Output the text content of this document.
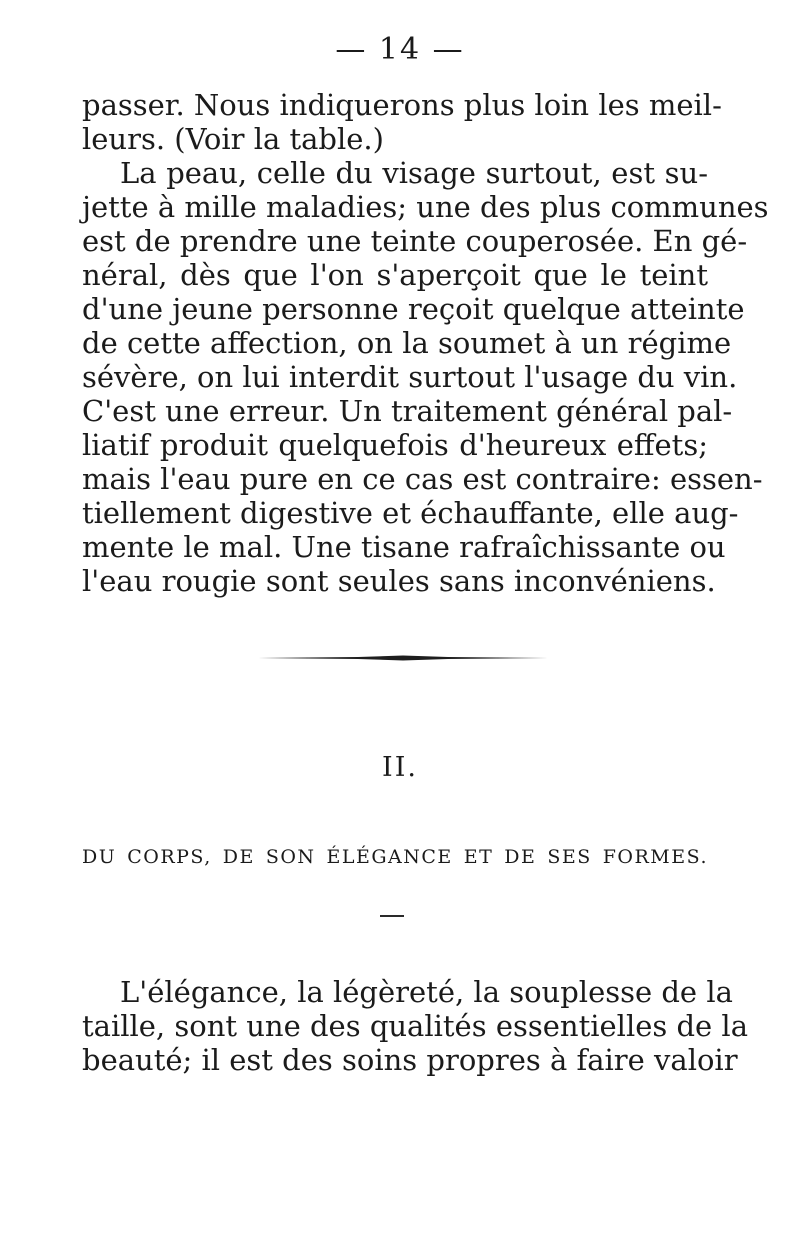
— 14 —
passer. Nous indiquerons plus loin les meil-
leurs. (Voir la table.)
La peau, celle du visage surtout, est su-
jette à mille maladies; une des plus communes
est de prendre une teinte couperosée. En gé-
néral, dès que l'on s'aperçoit que le teint
d'une jeune personne reçoit quelque atteinte
de cette affection, on la soumet à un régime
sévère, on lui interdit surtout l'usage du vin.
C'est une erreur. Un traitement général pal-
liatif produit quelquefois d'heureux effets;
mais l'eau pure en ce cas est contraire: essen-
tiellement digestive et échauffante, elle aug-
mente le mal. Une tisane rafraîchissante ou
l'eau rougie sont seules sans inconvéniens.
II.
DU CORPS, DE SON ÉLÉGANCE ET DE SES FORMES.
L'élégance, la légèreté, la souplesse de la
taille, sont une des qualités essentielles de la
beauté; il est des soins propres à faire valoir
